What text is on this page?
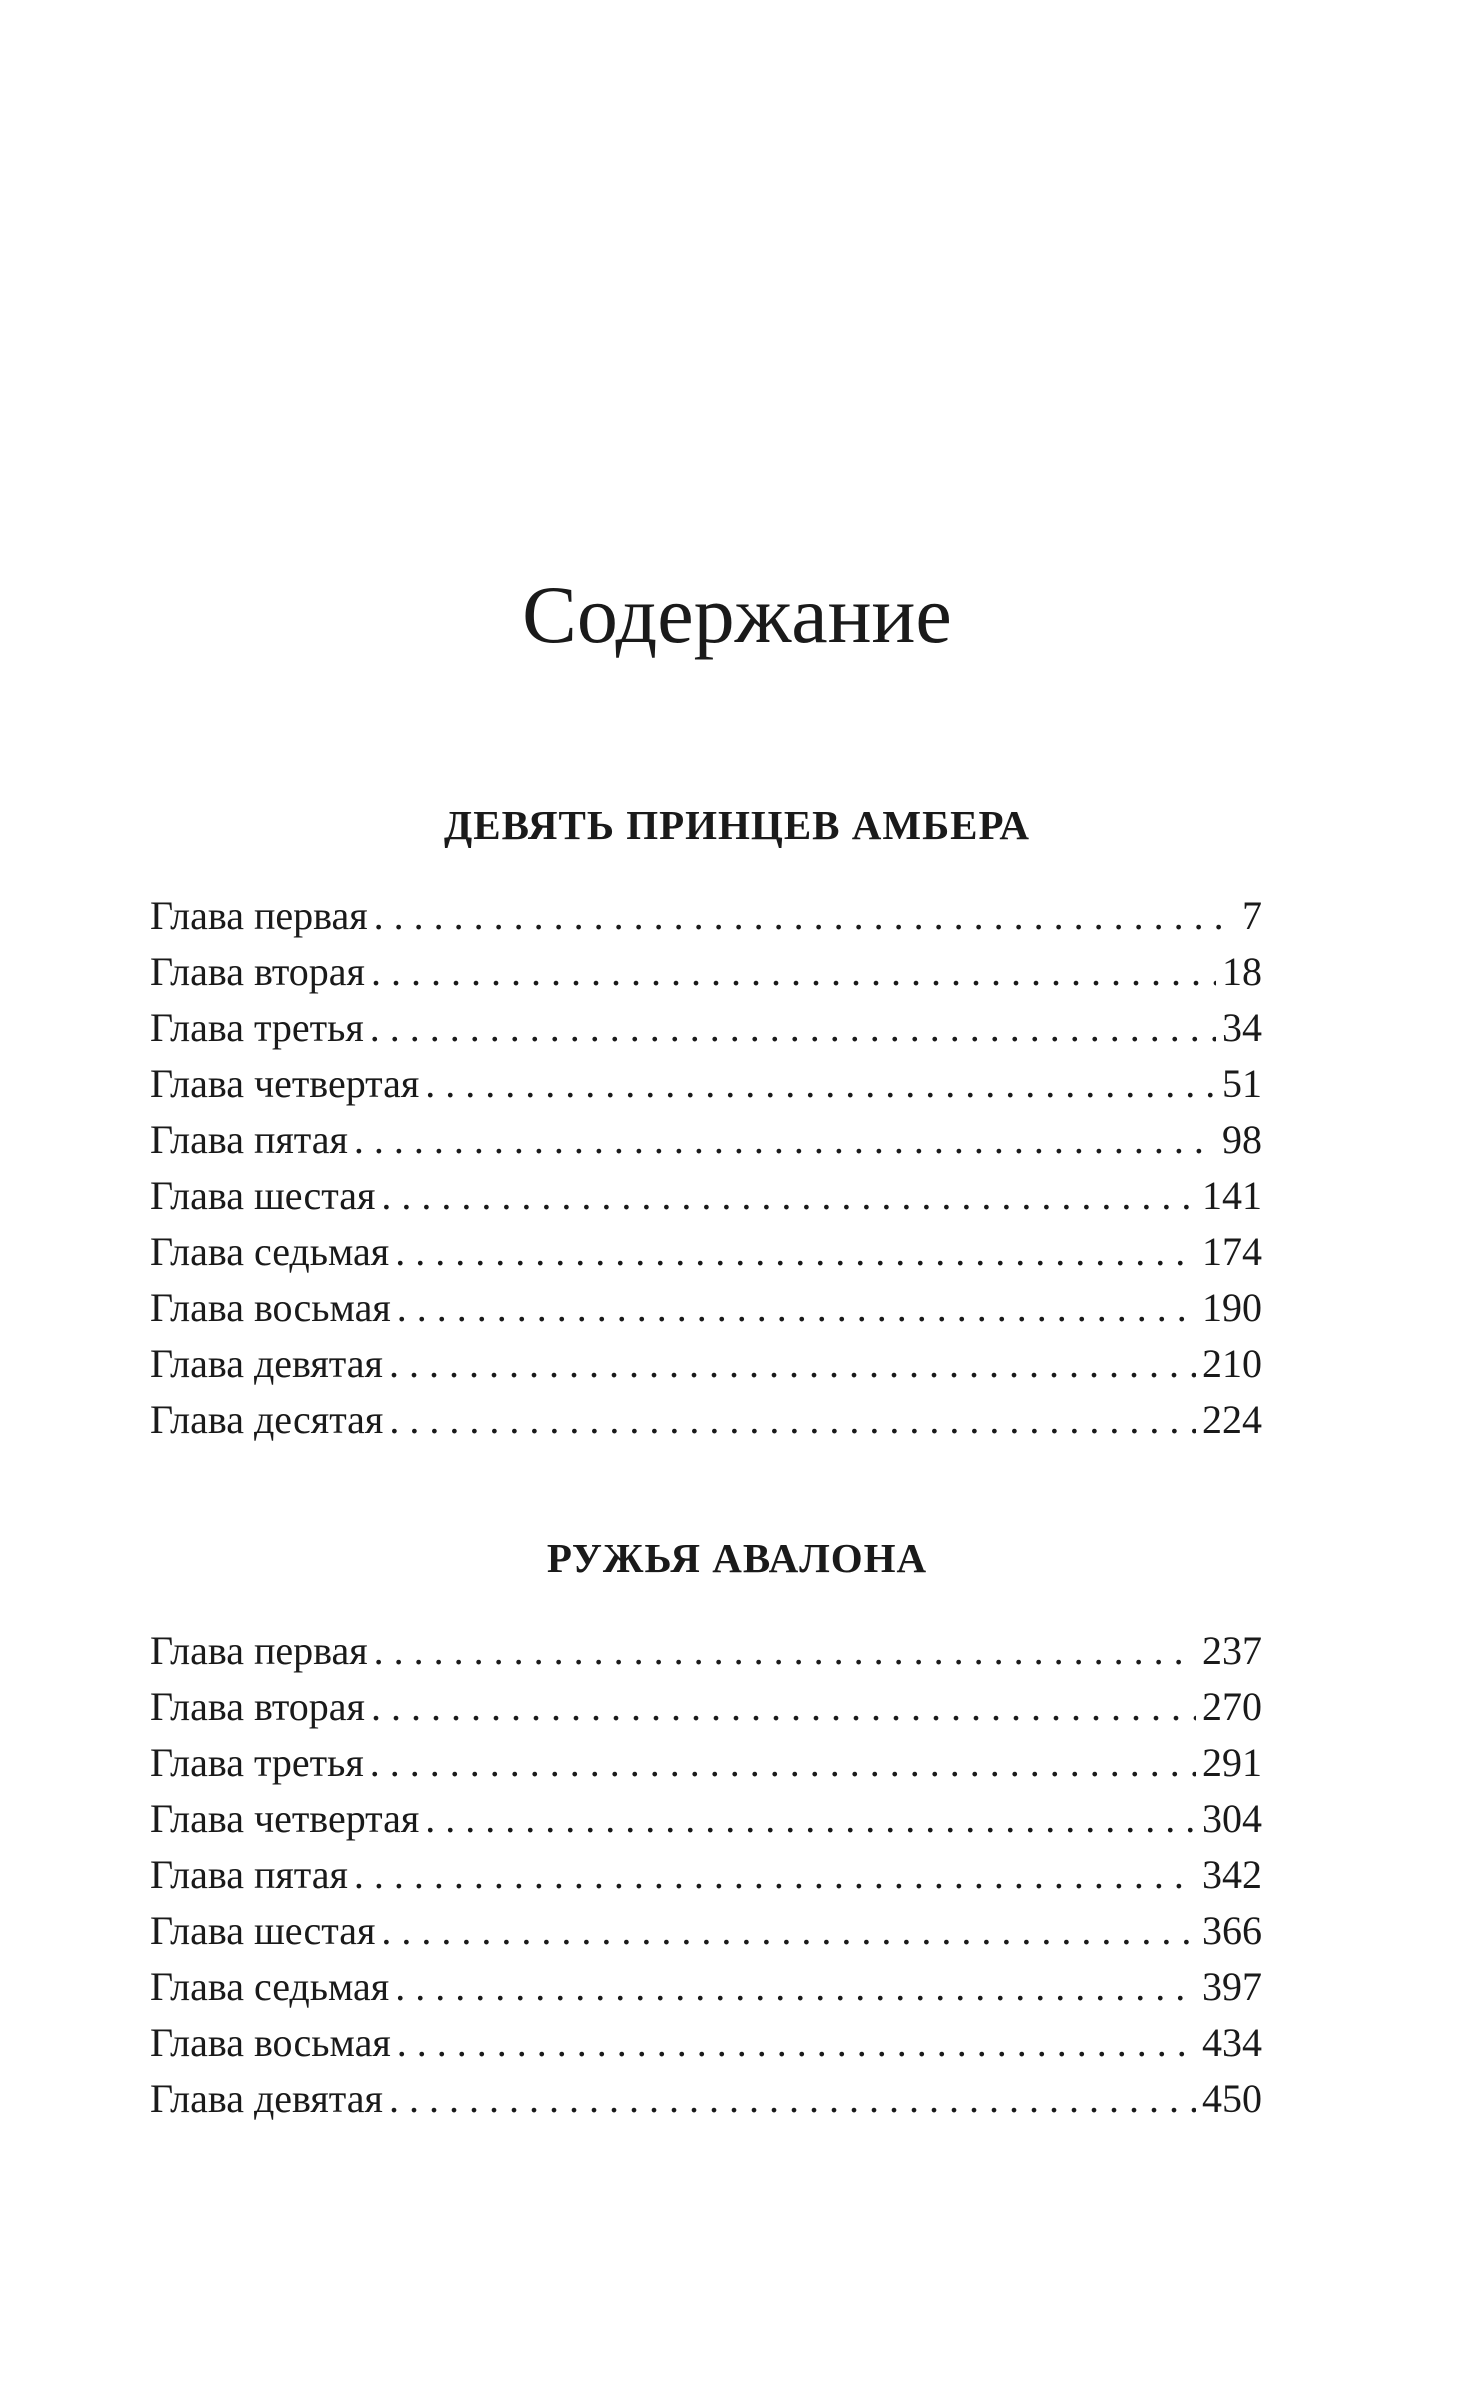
Содержание
ДЕВЯТЬ ПРИНЦЕВ АМБЕРА
Глава первая . . .	7
Глава вторая . . .	18
Глава третья . . .	34
Глава четвертая . . .	51
Глава пятая . . .	98
Глава шестая . . .	141
Глава седьмая . . .	174
Глава восьмая . . .	190
Глава девятая . . .	210
Глава десятая . . .	224
РУЖЬЯ АВАЛОНА
Глава первая . . .	237
Глава вторая . . .	270
Глава третья . . .	291
Глава четвертая . . .	304
Глава пятая . . .	342
Глава шестая . . .	366
Глава седьмая . . .	397
Глава восьмая . . .	434
Глава девятая . . .	450
